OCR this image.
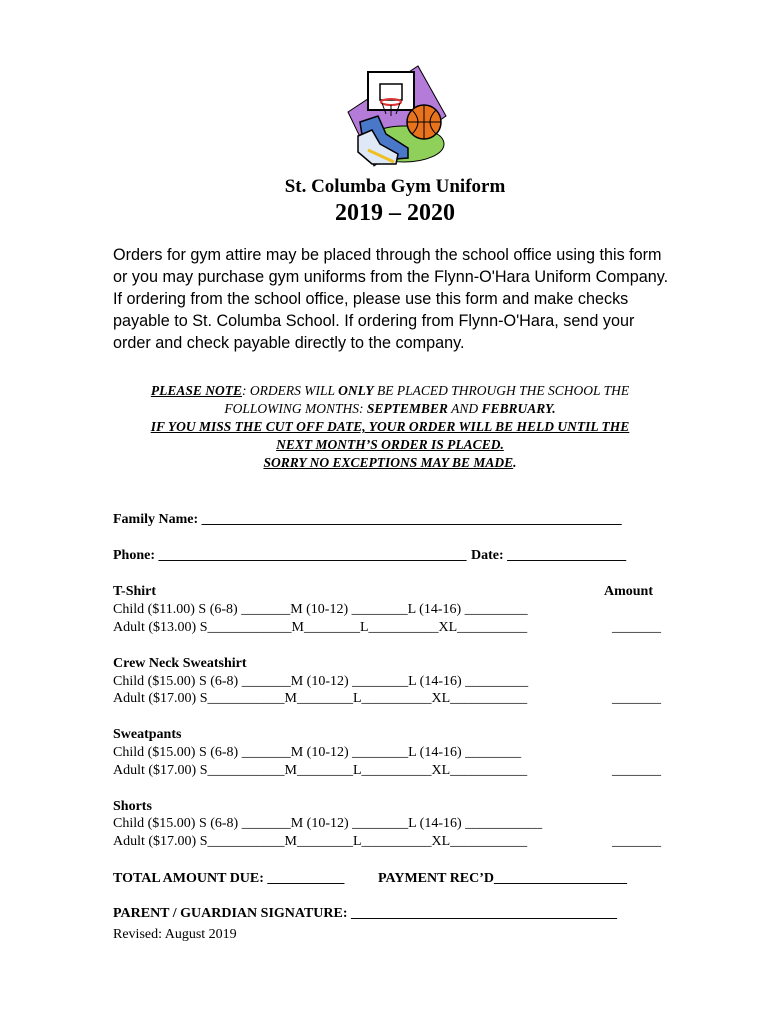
St. Columba Gym Uniform
2019 – 2020
Orders for gym attire may be placed through the school office using this form
or you may purchase gym uniforms from the Flynn-O'Hara Uniform Company.
If ordering from the school office, please use this form and make checks
payable to St. Columba School. If ordering from Flynn-O'Hara, send your
order and check payable directly to the company.
PLEASE NOTE: ORDERS WILL ONLY BE PLACED THROUGH THE SCHOOL THE
FOLLOWING MONTHS: SEPTEMBER AND FEBRUARY.
IF YOU MISS THE CUT OFF DATE, YOUR ORDER WILL BE HELD UNTIL THE
NEXT MONTH’S ORDER IS PLACED.
SORRY NO EXCEPTIONS MAY BE MADE.
Family Name: ____________________________________________________________
Phone: ____________________________________________ Date: _________________
Amount
T-Shirt
Child ($11.00) S (6-8) _______M (10-12) ________L (14-16) _________
Adult ($13.00) S____________M________L__________XL__________	_______
Crew Neck Sweatshirt
Child ($15.00) S (6-8) _______M (10-12) ________L (14-16) _________
Adult ($17.00) S___________M________L__________XL___________	_______
Sweatpants
Child ($15.00) S (6-8) _______M (10-12) ________L (14-16) ________
Adult ($17.00) S___________M________L__________XL___________	_______
Shorts
Child ($15.00) S (6-8) _______M (10-12) ________L (14-16) ___________
Adult ($17.00) S___________M________L__________XL___________	_______
TOTAL AMOUNT DUE: ___________ PAYMENT REC’D___________________
PARENT / GUARDIAN SIGNATURE: ______________________________________
Revised: August 2019
